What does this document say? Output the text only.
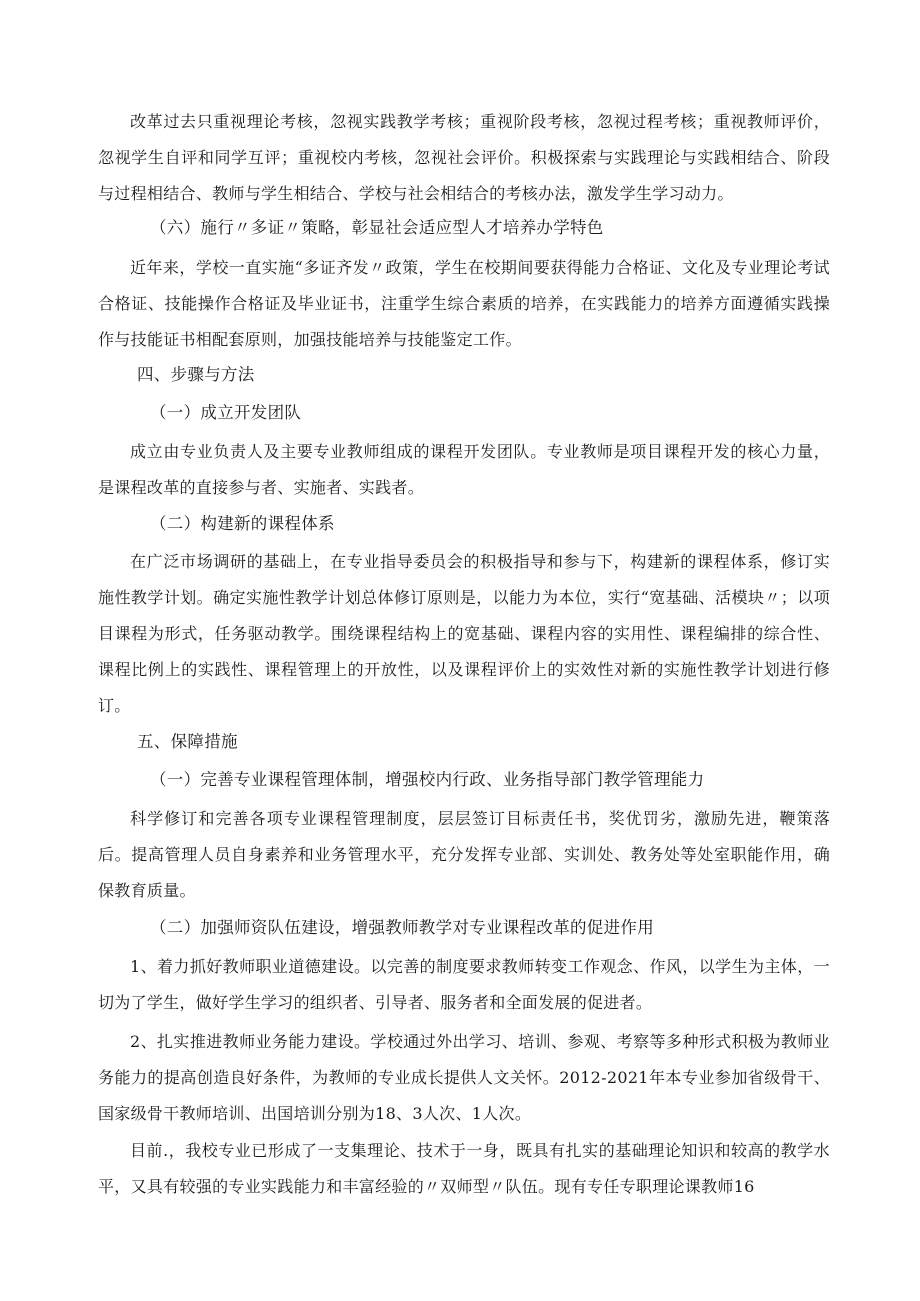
改革过去只重视理论考核，忽视实践教学考核；重视阶段考核，忽视过程考核；重视教师评价，忽视学生自评和同学互评；重视校内考核，忽视社会评价。积极探索与实践理论与实践相结合、阶段与过程相结合、教师与学生相结合、学校与社会相结合的考核办法，激发学生学习动力。

（六）施行〃多证〃策略，彰显社会适应型人才培养办学特色

近年来，学校一直实施“多证齐发〃政策，学生在校期间要获得能力合格证、文化及专业理论考试合格证、技能操作合格证及毕业证书，注重学生综合素质的培养，在实践能力的培养方面遵循实践操作与技能证书相配套原则，加强技能培养与技能鉴定工作。

四、步骤与方法

（一）成立开发团队

成立由专业负责人及主要专业教师组成的课程开发团队。专业教师是项目课程开发的核心力量，是课程改革的直接参与者、实施者、实践者。

（二）构建新的课程体系

在广泛市场调研的基础上，在专业指导委员会的积极指导和参与下，构建新的课程体系，修订实施性教学计划。确定实施性教学计划总体修订原则是，以能力为本位，实行“宽基础、活模块〃；以项目课程为形式，任务驱动教学。围绕课程结构上的宽基础、课程内容的实用性、课程编排的综合性、课程比例上的实践性、课程管理上的开放性，以及课程评价上的实效性对新的实施性教学计划进行修订。

五、保障措施

（一）完善专业课程管理体制，增强校内行政、业务指导部门教学管理能力

科学修订和完善各项专业课程管理制度，层层签订目标责任书，奖优罚劣，激励先进，鞭策落后。提高管理人员自身素养和业务管理水平，充分发挥专业部、实训处、教务处等处室职能作用，确保教育质量。

（二）加强师资队伍建设，增强教师教学对专业课程改革的促进作用

1、着力抓好教师职业道德建设。以完善的制度要求教师转变工作观念、作风，以学生为主体，一切为了学生，做好学生学习的组织者、引导者、服务者和全面发展的促进者。

2、扎实推进教师业务能力建设。学校通过外出学习、培训、参观、考察等多种形式积极为教师业务能力的提高创造良好条件，为教师的专业成长提供人文关怀。2012-2021年本专业参加省级骨干、国家级骨干教师培训、出国培训分别为18、3人次、1人次。

目前.，我校专业已形成了一支集理论、技术于一身，既具有扎实的基础理论知识和较高的教学水平，又具有较强的专业实践能力和丰富经验的〃双师型〃队伍。现有专任专职理论课教师16
